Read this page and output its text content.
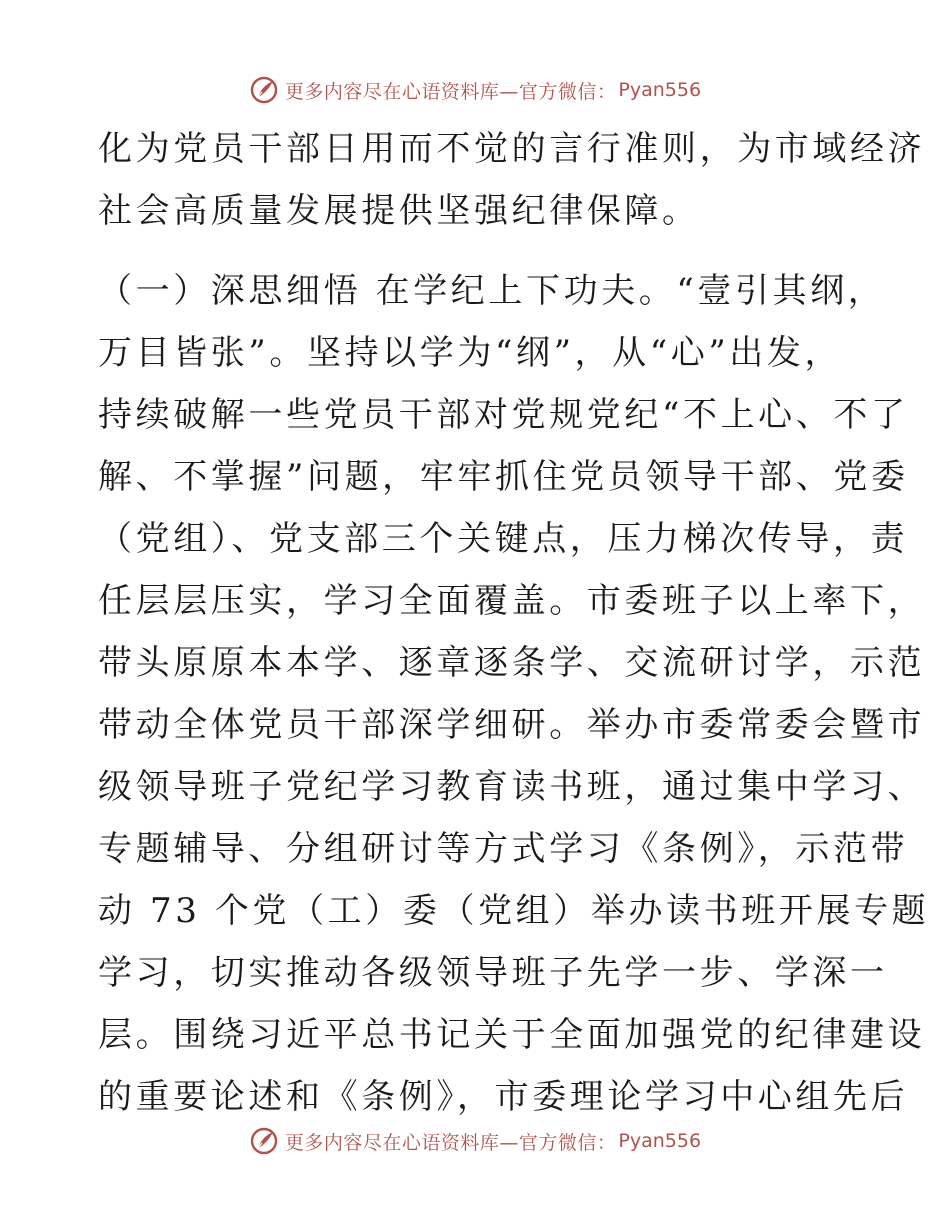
更多内容尽在心语资料库—官方微信： Pyan556
化为党员干部日用而不觉的言行准则，为市域经济
社会高质量发展提供坚强纪律保障。
（一）深思细悟 在学纪上下功夫。“壹引其纲，
万目皆张”。坚持以学为“纲”，从“心”出发，
持续破解一些党员干部对党规党纪“不上心、不了
解、不掌握”问题，牢牢抓住党员领导干部、党委
（党组）、党支部三个关键点，压力梯次传导，责
任层层压实，学习全面覆盖。市委班子以上率下，
带头原原本本学、逐章逐条学、交流研讨学，示范
带动全体党员干部深学细研。举办市委常委会暨市
级领导班子党纪学习教育读书班，通过集中学习、
专题辅导、分组研讨等方式学习《条例》，示范带
动 73 个党（工）委（党组）举办读书班开展专题
学习，切实推动各级领导班子先学一步、学深一
层。围绕习近平总书记关于全面加强党的纪律建设
的重要论述和《条例》，市委理论学习中心组先后
更多内容尽在心语资料库—官方微信： Pyan556
